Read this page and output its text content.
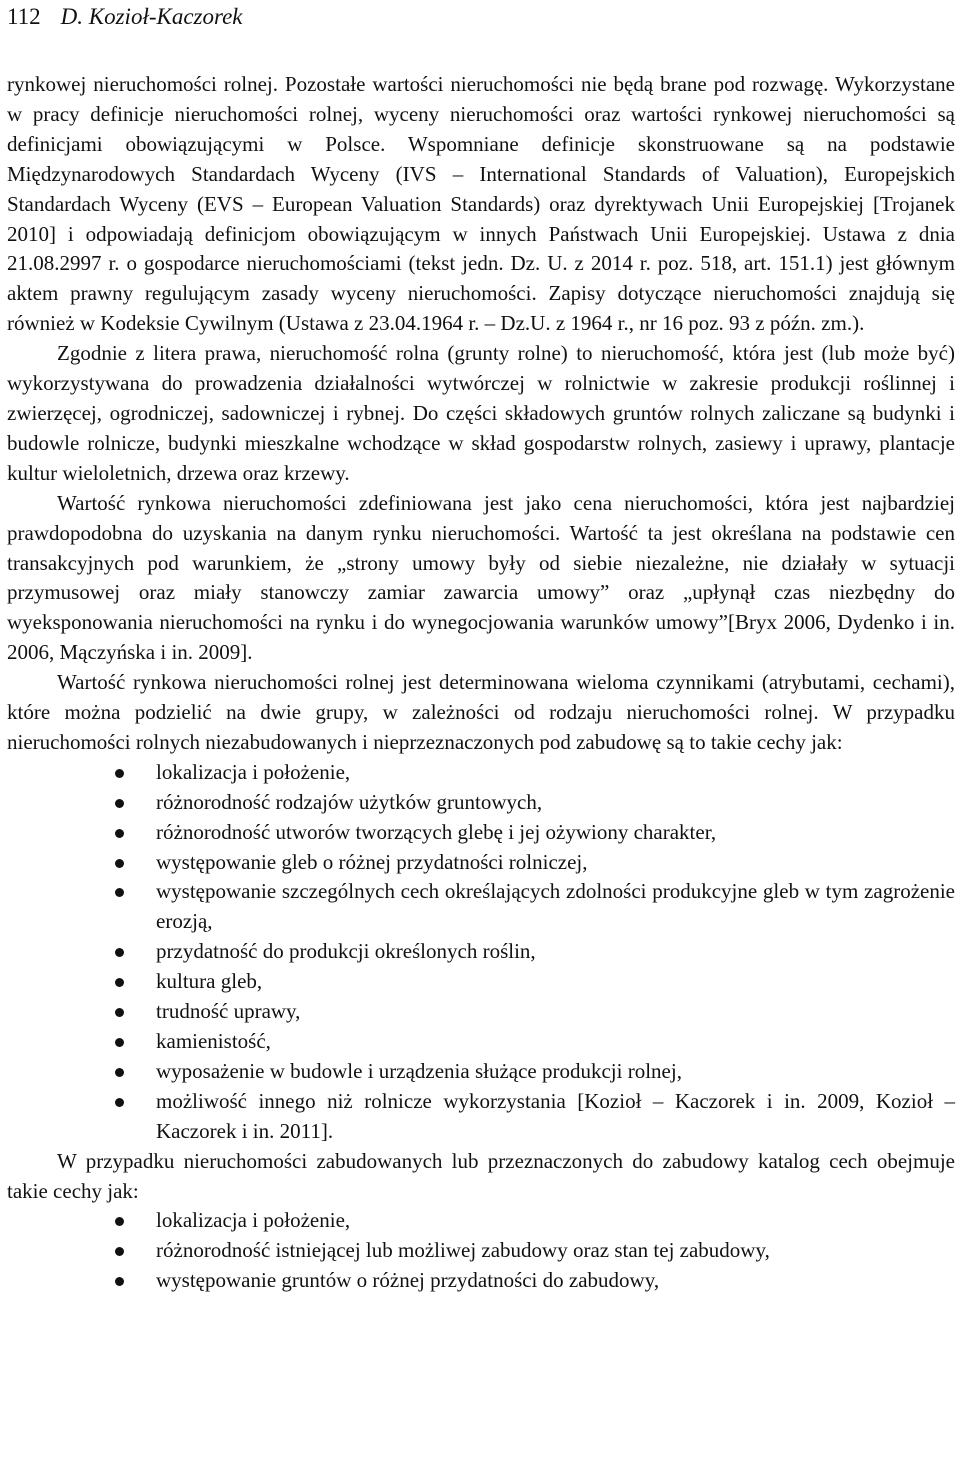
112 D. Kozioł-Kaczorek

rynkowej nieruchomości rolnej. Pozostałe wartości nieruchomości nie będą brane pod rozwagę. Wykorzystane w pracy definicje nieruchomości rolnej, wyceny nieruchomości oraz wartości rynkowej nieruchomości są definicjami obowiązującymi w Polsce. Wspomniane definicje skonstruowane są na podstawie Międzynarodowych Standardach Wyceny (IVS – International Standards of Valuation), Europejskich Standardach Wyceny (EVS – European Valuation Standards) oraz dyrektywach Unii Europejskiej [Trojanek 2010] i odpowiadają definicjom obowiązującym w innych Państwach Unii Europejskiej. Ustawa z dnia 21.08.2997 r. o gospodarce nieruchomościami (tekst jedn. Dz. U. z 2014 r. poz. 518, art. 151.1) jest głównym aktem prawny regulującym zasady wyceny nieruchomości. Zapisy dotyczące nieruchomości znajdują się również w Kodeksie Cywilnym (Ustawa z 23.04.1964 r. – Dz.U. z 1964 r., nr 16 poz. 93 z późn. zm.).

Zgodnie z litera prawa, nieruchomość rolna (grunty rolne) to nieruchomość, która jest (lub może być) wykorzystywana do prowadzenia działalności wytwórczej w rolnictwie w zakresie produkcji roślinnej i zwierzęcej, ogrodniczej, sadowniczej i rybnej. Do części składowych gruntów rolnych zaliczane są budynki i budowle rolnicze, budynki mieszkalne wchodzące w skład gospodarstw rolnych, zasiewy i uprawy, plantacje kultur wieloletnich, drzewa oraz krzewy.

Wartość rynkowa nieruchomości zdefiniowana jest jako cena nieruchomości, która jest najbardziej prawdopodobna do uzyskania na danym rynku nieruchomości. Wartość ta jest określana na podstawie cen transakcyjnych pod warunkiem, że „strony umowy były od siebie niezależne, nie działały w sytuacji przymusowej oraz miały stanowczy zamiar zawarcia umowy” oraz „upłynął czas niezbędny do wyeksponowania nieruchomości na rynku i do wynegocjowania warunków umowy”[Bryx 2006, Dydenko i in. 2006, Mączyńska i in. 2009].

Wartość rynkowa nieruchomości rolnej jest determinowana wieloma czynnikami (atrybutami, cechami), które można podzielić na dwie grupy, w zależności od rodzaju nieruchomości rolnej. W przypadku nieruchomości rolnych niezabudowanych i nieprzeznaczonych pod zabudowę są to takie cechy jak:

lokalizacja i położenie,
różnorodność rodzajów użytków gruntowych,
różnorodność utworów tworzących glebę i jej ożywiony charakter,
występowanie gleb o różnej przydatności rolniczej,
występowanie szczególnych cech określających zdolności produkcyjne gleb w tym zagrożenie erozją,
przydatność do produkcji określonych roślin,
kultura gleb,
trudność uprawy,
kamienistość,
wyposażenie w budowle i urządzenia służące produkcji rolnej,
możliwość innego niż rolnicze wykorzystania [Kozioł – Kaczorek i in. 2009, Kozioł – Kaczorek i in. 2011].

W przypadku nieruchomości zabudowanych lub przeznaczonych do zabudowy katalog cech obejmuje takie cechy jak:

lokalizacja i położenie,
różnorodność istniejącej lub możliwej zabudowy oraz stan tej zabudowy,
występowanie gruntów o różnej przydatności do zabudowy,
